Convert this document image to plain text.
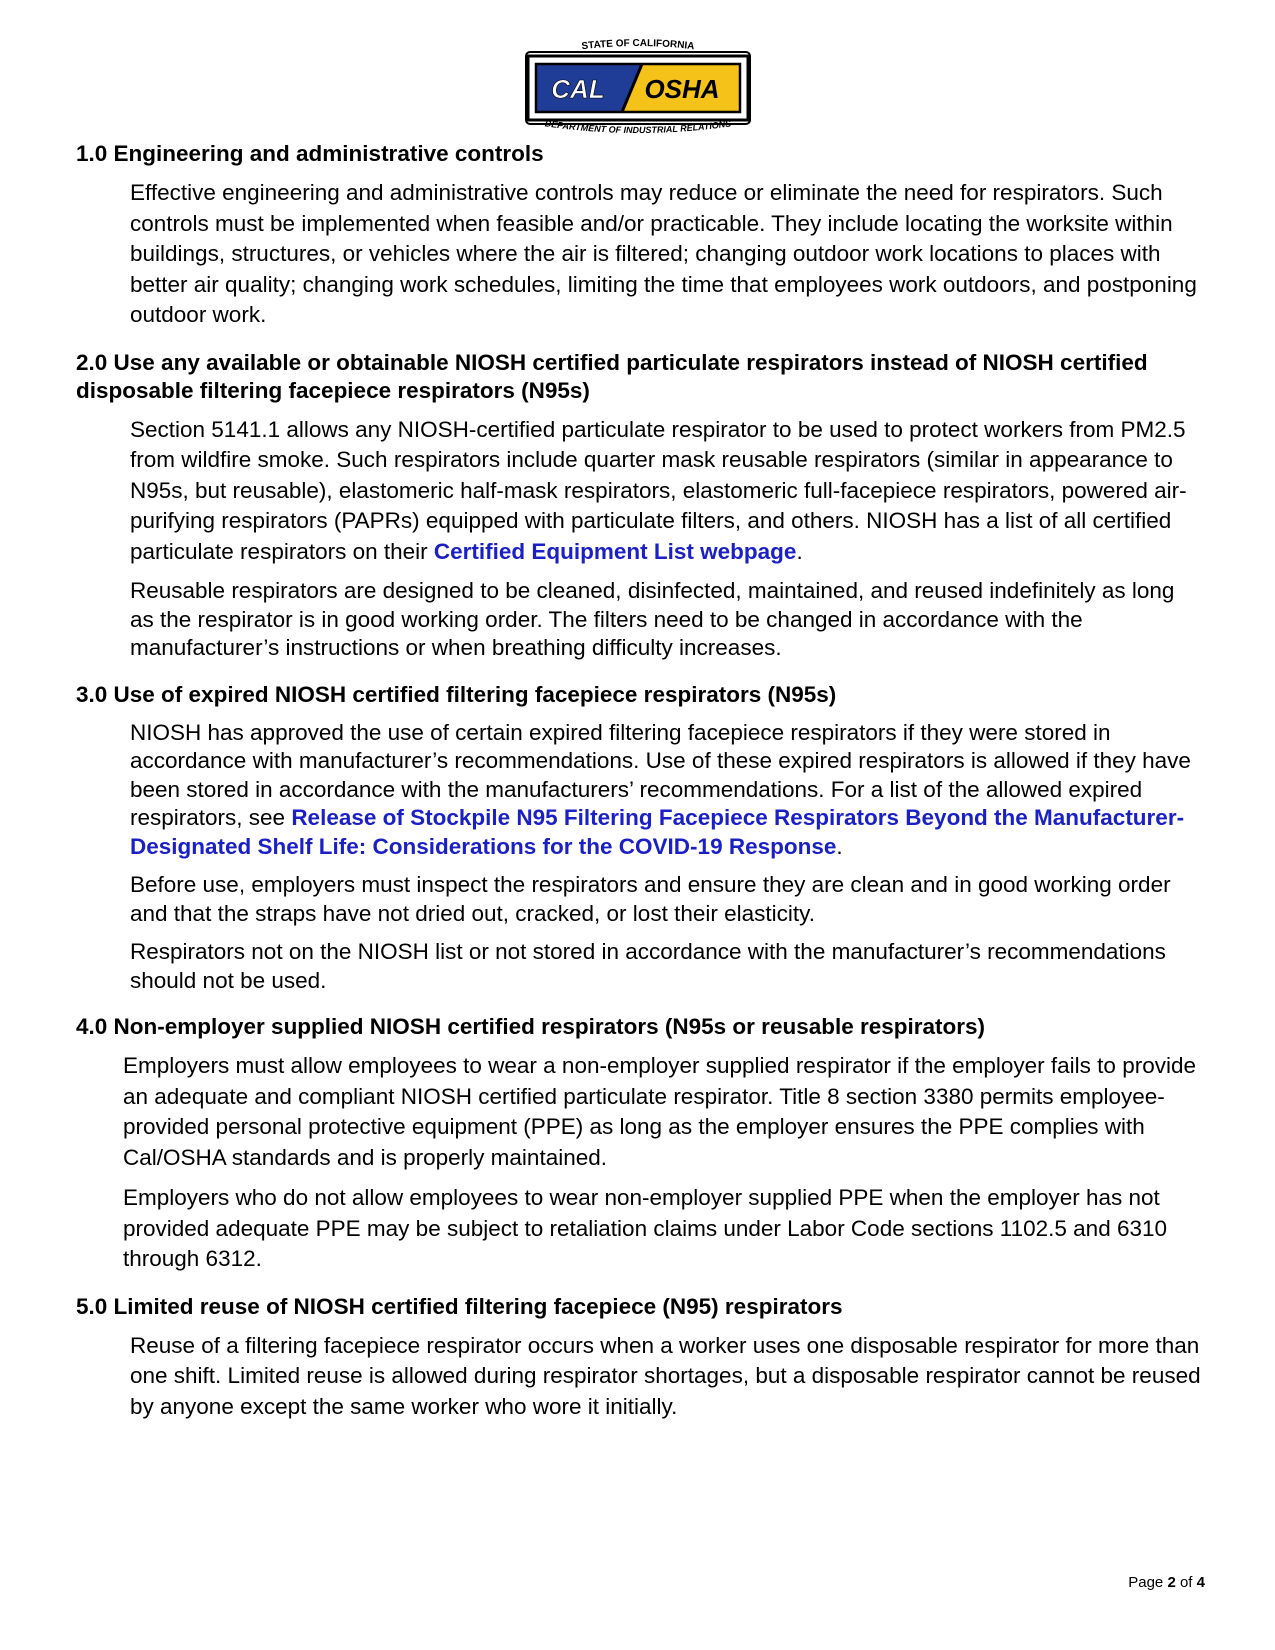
STATE OF CALIFORNIA
CAL OSHA
DEPARTMENT OF INDUSTRIAL RELATIONS
1.0 Engineering and administrative controls

Effective engineering and administrative controls may reduce or eliminate the need for respirators. Such controls must be implemented when feasible and/or practicable. They include locating the worksite within buildings, structures, or vehicles where the air is filtered; changing outdoor work locations to places with better air quality; changing work schedules, limiting the time that employees work outdoors, and postponing outdoor work.

2.0 Use any available or obtainable NIOSH certified particulate respirators instead of NIOSH certified disposable filtering facepiece respirators (N95s)

Section 5141.1 allows any NIOSH-certified particulate respirator to be used to protect workers from PM2.5 from wildfire smoke. Such respirators include quarter mask reusable respirators (similar in appearance to N95s, but reusable), elastomeric half-mask respirators, elastomeric full-facepiece respirators, powered air-purifying respirators (PAPRs) equipped with particulate filters, and others. NIOSH has a list of all certified particulate respirators on their Certified Equipment List webpage.

Reusable respirators are designed to be cleaned, disinfected, maintained, and reused indefinitely as long as the respirator is in good working order. The filters need to be changed in accordance with the manufacturer’s instructions or when breathing difficulty increases.

3.0 Use of expired NIOSH certified filtering facepiece respirators (N95s)

NIOSH has approved the use of certain expired filtering facepiece respirators if they were stored in accordance with manufacturer’s recommendations. Use of these expired respirators is allowed if they have been stored in accordance with the manufacturers’ recommendations. For a list of the allowed expired respirators, see Release of Stockpile N95 Filtering Facepiece Respirators Beyond the Manufacturer-Designated Shelf Life: Considerations for the COVID-19 Response.

Before use, employers must inspect the respirators and ensure they are clean and in good working order and that the straps have not dried out, cracked, or lost their elasticity.

Respirators not on the NIOSH list or not stored in accordance with the manufacturer’s recommendations should not be used.

4.0 Non-employer supplied NIOSH certified respirators (N95s or reusable respirators)

Employers must allow employees to wear a non-employer supplied respirator if the employer fails to provide an adequate and compliant NIOSH certified particulate respirator. Title 8 section 3380 permits employee-provided personal protective equipment (PPE) as long as the employer ensures the PPE complies with Cal/OSHA standards and is properly maintained.

Employers who do not allow employees to wear non-employer supplied PPE when the employer has not provided adequate PPE may be subject to retaliation claims under Labor Code sections 1102.5 and 6310 through 6312.

5.0 Limited reuse of NIOSH certified filtering facepiece (N95) respirators

Reuse of a filtering facepiece respirator occurs when a worker uses one disposable respirator for more than one shift. Limited reuse is allowed during respirator shortages, but a disposable respirator cannot be reused by anyone except the same worker who wore it initially.

Page 2 of 4
